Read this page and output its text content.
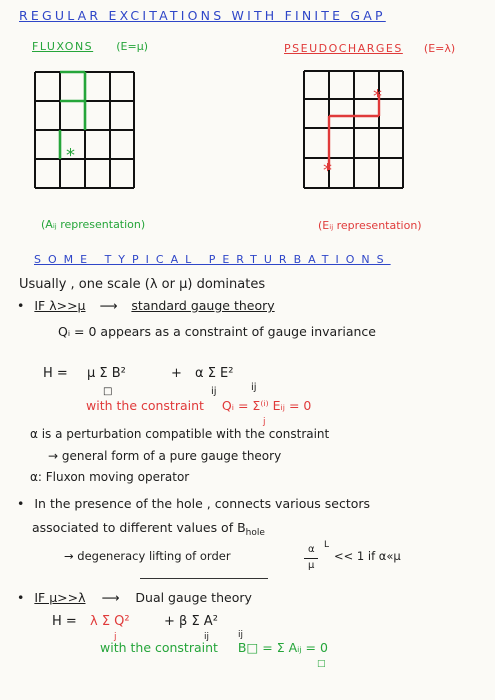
REGULAR EXCITATIONS WITH FINITE GAP
FLUXONS (E=μ)	PSEUDOCHARGES (E=λ)
*
*
*
(Aᵢⱼ representation)	(Eᵢⱼ representation)
SOME TYPICAL PERTURBATIONS
Usually , one scale (λ or μ) dominates
• IF λ>>μ ⟶ standard gauge theory
Qᵢ = 0 appears as a constraint of gauge invariance
H = μ Σ B²
□
+ α Σ E²
ij	ij
with the constraint Qᵢ = Σ⁽ⁱ⁾ Eᵢⱼ = 0
j
α is a perturbation compatible with the constraint
→ general form of a pure gauge theory
α: Fluxon moving operator
• In the presence of the hole , connects various sectors
associated to different values of $B_{hole}$
→ degeneracy lifting of order	α
μ
L
<< 1 if α«μ
• IF μ>>λ ⟶ Dual gauge theory
H = λ Σ Q²
j
+ β Σ A²
ij	ij
with the constraint B□ = Σ Aᵢⱼ = 0
□
